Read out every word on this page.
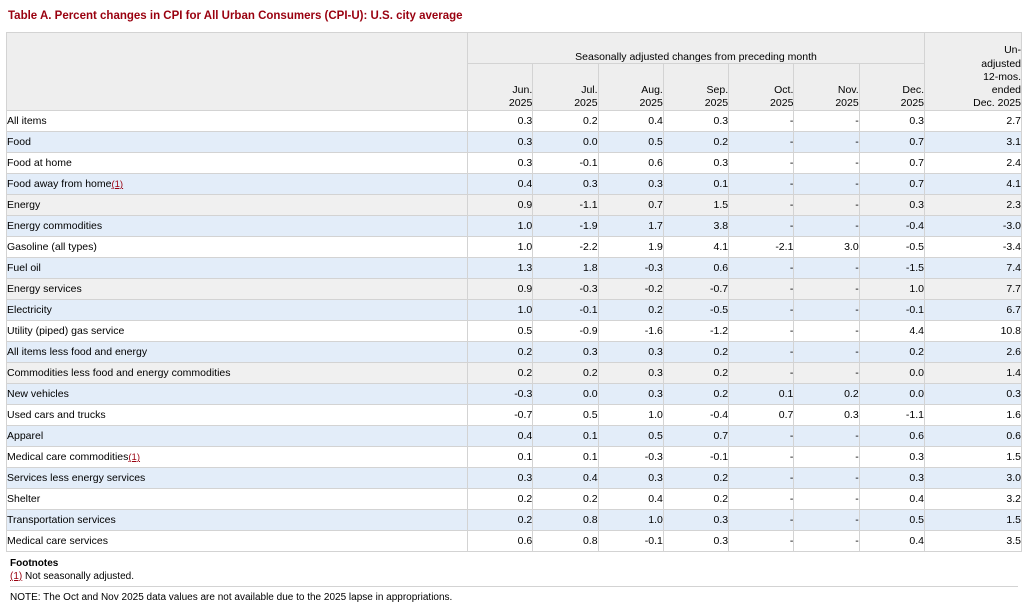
Table A. Percent changes in CPI for All Urban Consumers (CPI-U): U.S. city average
	Seasonally adjusted changes from preceding month							Un-
adjusted
12-mos.
ended
Dec. 2025
	Jun.
2025	Jul.
2025	Aug.
2025	Sep.
2025	Oct.
2025	Nov.
2025	Dec.
2025	
All items	0.3	0.2	0.4	0.3	-	-	0.3	2.7
Food	0.3	0.0	0.5	0.2	-	-	0.7	3.1
Food at home	0.3	-0.1	0.6	0.3	-	-	0.7	2.4
Food away from home(1)	0.4	0.3	0.3	0.1	-	-	0.7	4.1
Energy	0.9	-1.1	0.7	1.5	-	-	0.3	2.3
Energy commodities	1.0	-1.9	1.7	3.8	-	-	-0.4	-3.0
Gasoline (all types)	1.0	-2.2	1.9	4.1	-2.1	3.0	-0.5	-3.4
Fuel oil	1.3	1.8	-0.3	0.6	-	-	-1.5	7.4
Energy services	0.9	-0.3	-0.2	-0.7	-	-	1.0	7.7
Electricity	1.0	-0.1	0.2	-0.5	-	-	-0.1	6.7
Utility (piped) gas service	0.5	-0.9	-1.6	-1.2	-	-	4.4	10.8
All items less food and energy	0.2	0.3	0.3	0.2	-	-	0.2	2.6
Commodities less food and energy commodities	0.2	0.2	0.3	0.2	-	-	0.0	1.4
New vehicles	-0.3	0.0	0.3	0.2	0.1	0.2	0.0	0.3
Used cars and trucks	-0.7	0.5	1.0	-0.4	0.7	0.3	-1.1	1.6
Apparel	0.4	0.1	0.5	0.7	-	-	0.6	0.6
Medical care commodities(1)	0.1	0.1	-0.3	-0.1	-	-	0.3	1.5
Services less energy services	0.3	0.4	0.3	0.2	-	-	0.3	3.0
Shelter	0.2	0.2	0.4	0.2	-	-	0.4	3.2
Transportation services	0.2	0.8	1.0	0.3	-	-	0.5	1.5
Medical care services	0.6	0.8	-0.1	0.3	-	-	0.4	3.5
Footnotes
(1) Not seasonally adjusted.
NOTE: The Oct and Nov 2025 data values are not available due to the 2025 lapse in appropriations.
